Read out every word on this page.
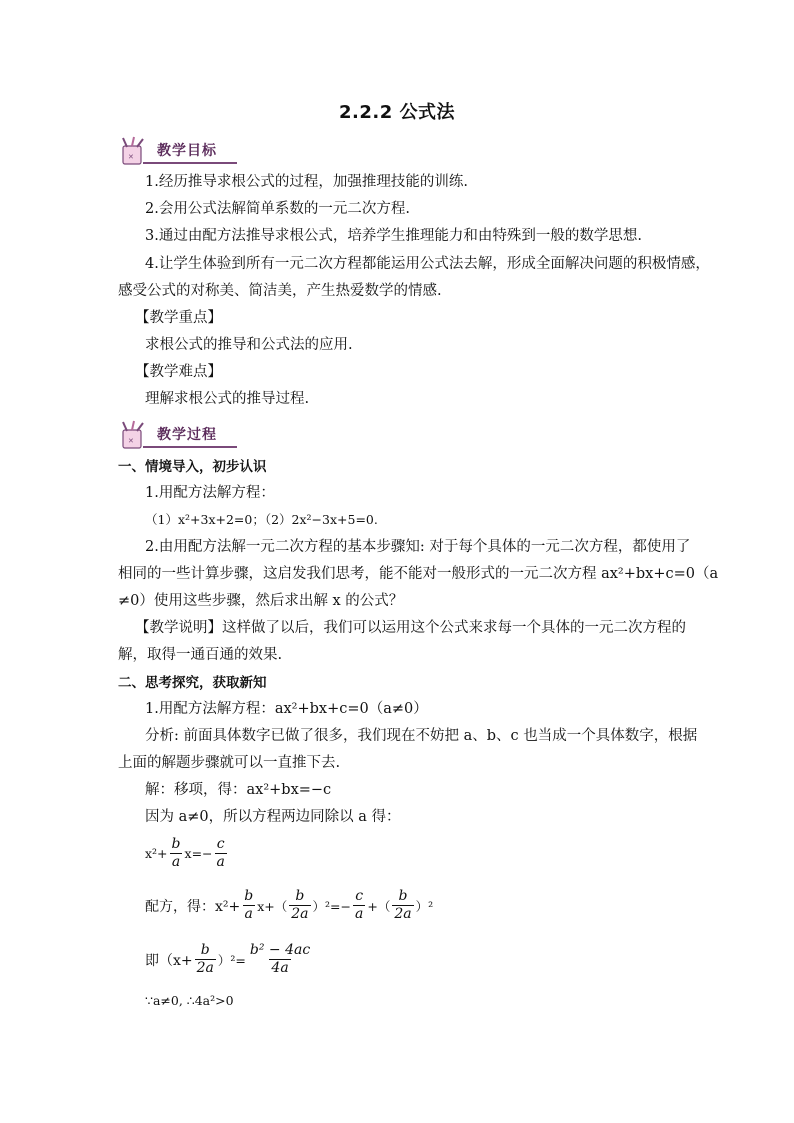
2.2.2 公式法
✕ 教学目标
1.经历推导求根公式的过程，加强推理技能的训练.
2.会用公式法解简单系数的一元二次方程.
3.通过由配方法推导求根公式，培养学生推理能力和由特殊到一般的数学思想.
4.让学生体验到所有一元二次方程都能运用公式法去解，形成全面解决问题的积极情感，
感受公式的对称美、简洁美，产生热爱数学的情感.
【教学重点】
求根公式的推导和公式法的应用.
【教学难点】
理解求根公式的推导过程.
✕ 教学过程
一、情境导入，初步认识
1.用配方法解方程：
（1）x²+3x+2=0；（2）2x²−3x+5=0.
2.由用配方法解一元二次方程的基本步骤知: 对于每个具体的一元二次方程，都使用了
相同的一些计算步骤，这启发我们思考，能不能对一般形式的一元二次方程 ax²+bx+c=0（a
≠0）使用这些步骤，然后求出解 x 的公式？
【教学说明】这样做了以后，我们可以运用这个公式来求每一个具体的一元二次方程的
解，取得一通百通的效果.
二、思考探究，获取新知
1.用配方法解方程：ax²+bx+c=0（a≠0）
分析: 前面具体数字已做了很多，我们现在不妨把 a、b、c 也当成一个具体数字，根据
上面的解题步骤就可以一直推下去.
解：移项，得：ax²+bx=−c
因为 a≠0，所以方程两边同除以 a 得：
$x^2+ \frac{b}{a} x=- \frac{c}{a}$
配方，得：$x^2+ \frac{b}{a} x+( \frac{b}{2a} )^2=- \frac{c}{a}$ +（ $\frac{b}{2a} )^2$
即$(x+ \frac{b}{2a} )^2= \frac{\text{b² − 4ac}}{4a}$
∵a≠0, ∴4a²>0
